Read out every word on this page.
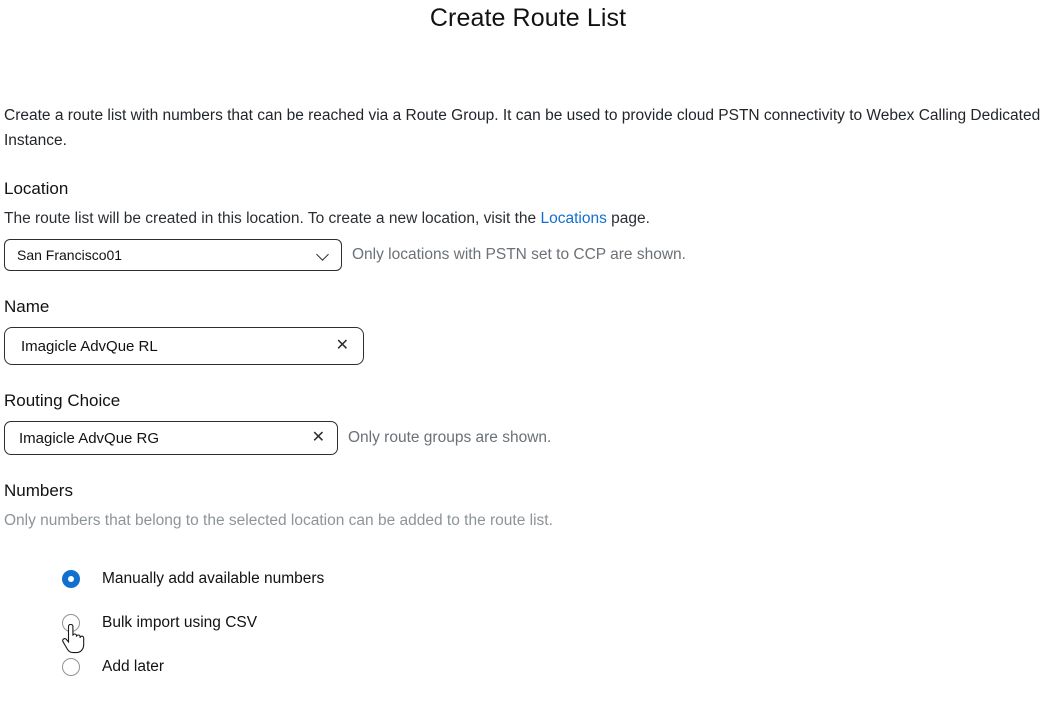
Create Route List

Create a route list with numbers that can be reached via a Route Group. It can be used to provide cloud PSTN connectivity to Webex Calling Dedicated Instance.

Location
The route list will be created in this location. To create a new location, visit the Locations page.
San Francisco01	Only locations with PSTN set to CCP are shown.
Name
Imagicle AdvQue RL	✕
Routing Choice
Imagicle AdvQue RG	✕ Only route groups are shown.
Numbers
Only numbers that belong to the selected location can be added to the route list.
Manually add available numbers
Bulk import using CSV
Add later
